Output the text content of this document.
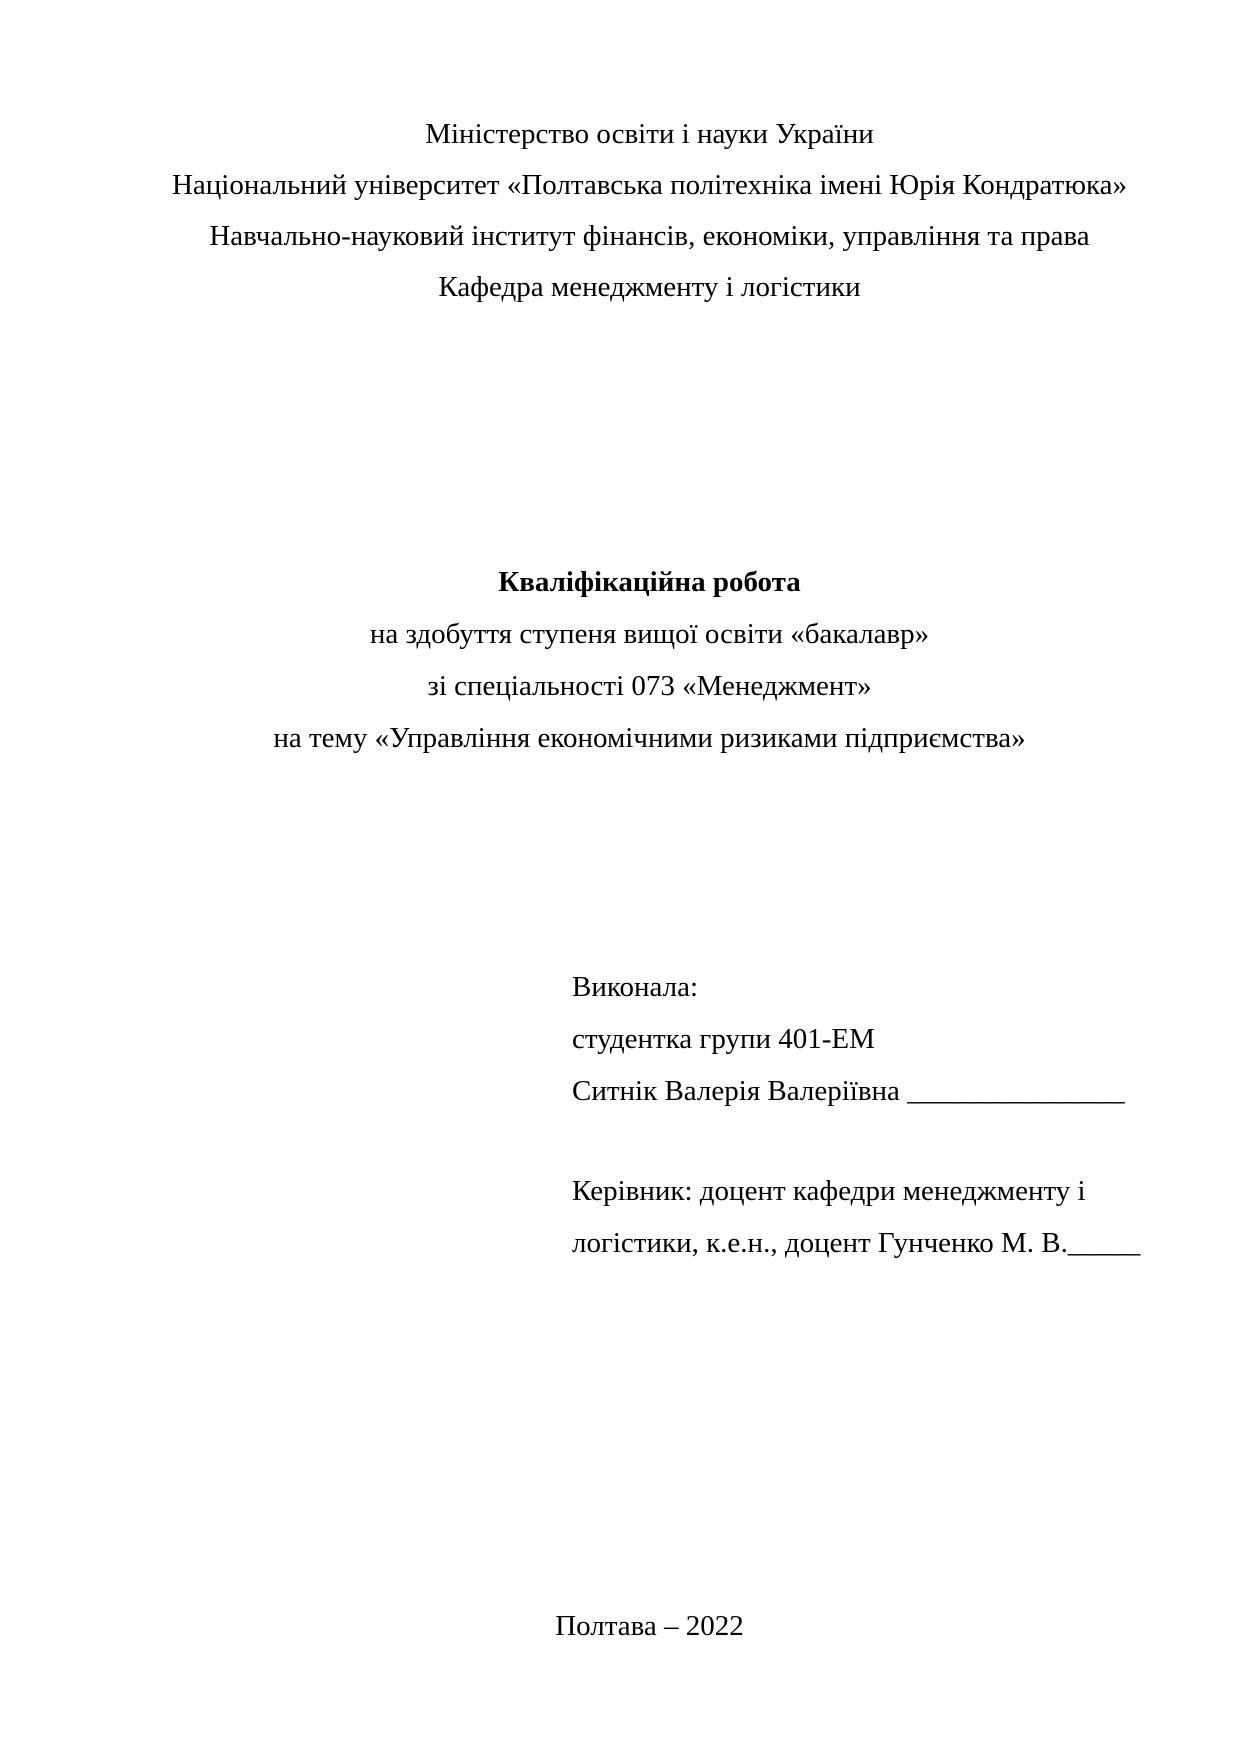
Міністерство освіти і науки України
Національний університет «Полтавська політехніка імені Юрія Кондратюка»
Навчально-науковий інститут фінансів, економіки, управління та права
Кафедра менеджменту і логістики
Кваліфікаційна робота
на здобуття ступеня вищої освіти «бакалавр»
зі спеціальності 073 «Менеджмент»
на тему «Управління економічними ризиками підприємства»
Виконала:
студентка групи 401-ЕМ
Ситнік Валерія Валеріївна _______________
Керівник: доцент кафедри менеджменту і
логістики, к.е.н., доцент Гунченко М. В._____
Полтава – 2022
